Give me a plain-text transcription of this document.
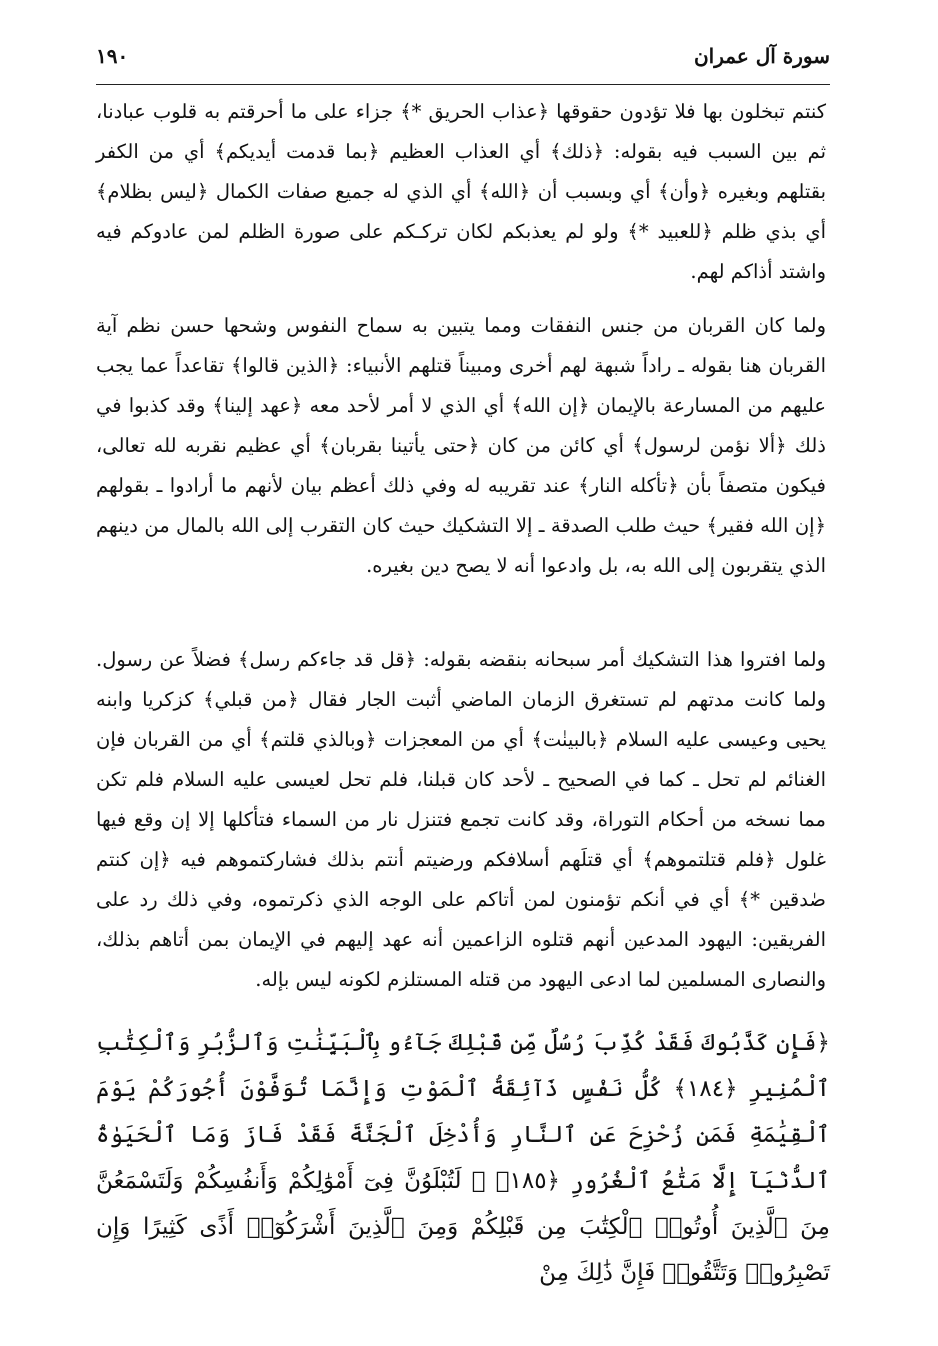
سورة آل عمران
١٩٠

كنتم تبخلون بها فلا تؤدون حقوقها ﴿عذاب الحريق *﴾ جزاء على ما أحرقتم به قلوب عبادنا، ثم بين السبب فيه بقوله: ﴿ذلك﴾ أي العذاب العظيم ﴿بما قدمت أيديكم﴾ أي من الكفر بقتلهم وبغيره ﴿وأن﴾ أي وبسبب أن ﴿الله﴾ أي الذي له جميع صفات الكمال ﴿ليس بظلام﴾ أي بذي ظلم ﴿للعبيد *﴾ ولو لم يعذبكم لكان تركـكم على صورة الظلم لمن عادوكم فيه واشتد أذاكم لهم.

ولما كان القربان من جنس النفقات ومما يتبين به سماح النفوس وشحها حسن نظم آية القربان هنا بقوله ـ راداً شبهة لهم أخرى ومبيناً قتلهم الأنبياء: ﴿الذين قالوا﴾ تقاعداً عما يجب عليهم من المسارعة بالإيمان ﴿إن الله﴾ أي الذي لا أمر لأحد معه ﴿عهد إلينا﴾ وقد كذبوا في ذلك ﴿ألا نؤمن لرسول﴾ أي كائن من كان ﴿حتى يأتينا بقربان﴾ أي عظيم نقربه لله تعالى، فيكون متصفاً بأن ﴿تأكله النار﴾ عند تقريبه له وفي ذلك أعظم بيان لأنهم ما أرادوا ـ بقولهم ﴿إن الله فقير﴾ حيث طلب الصدقة ـ إلا التشكيك حيث كان التقرب إلى الله بالمال من دينهم الذي يتقربون إلى الله به، بل وادعوا أنه لا يصح دين بغيره.

ولما افتروا هذا التشكيك أمر سبحانه بنقضه بقوله: ﴿قل قد جاءكم رسل﴾ فضلاً عن رسول. ولما كانت مدتهم لم تستغرق الزمان الماضي أثبت الجار فقال ﴿من قبلي﴾ كزكريا وابنه يحيى وعيسى عليه السلام ﴿بالبينٰت﴾ أي من المعجزات ﴿وبالذي قلتم﴾ أي من القربان فإن الغنائم لم تحل ـ كما في الصحيح ـ لأحد كان قبلنا، فلم تحل لعيسى عليه السلام فلم تكن مما نسخه من أحكام التوراة، وقد كانت تجمع فتنزل نار من السماء فتأكلها إلا إن وقع فيها غلول ﴿فلم قتلتموهم﴾ أي قتلَهم أسلافكم ورضيتم أنتم بذلك فشاركتموهم فيه ﴿إن كنتم صٰدقين *﴾ أي في أنكم تؤمنون لمن أتاكم على الوجه الذي ذكرتموه، وفي ذلك رد على الفريقين: اليهود المدعين أنهم قتلوه الزاعمين أنه عهد إليهم في الإيمان بمن أتاهم بذلك، والنصارى المسلمين لما ادعى اليهود من قتله المستلزم لكونه ليس بإله.

﴿فَإِن كَذَّبُوكَ فَقَدْ كُذِّبَ رُسُلٌ مِّن قَبْلِكَ جَآءُو بِٱلْبَيِّنَٰتِ وَٱلزُّبُرِ وَٱلْكِتَٰبِ ٱلْمُنِيرِ ﴿١٨٤﴾ كُلُّ نَفْسٍ ذَآئِقَةُ ٱلْمَوْتِ وَإِنَّمَا تُوَفَّوْنَ أُجُورَكُمْ يَوْمَ ٱلْقِيَٰمَةِ فَمَن زُحْزِحَ عَنِ ٱلنَّارِ وَأُدْخِلَ ٱلْجَنَّةَ فَقَدْ فَازَ وَمَا ٱلْحَيَوٰةُ ٱلدُّنْيَآ إِلَّا مَتَٰعُ ٱلْغُرُورِ ﴿١٨٥﴾ ۞ لَتُبْلَوُنَّ فِىٓ أَمْوَٰلِكُمْ وَأَنفُسِكُمْ وَلَتَسْمَعُنَّ مِنَ ٱلَّذِينَ أُوتُوا۟ ٱلْكِتَٰبَ مِن قَبْلِكُمْ وَمِنَ ٱلَّذِينَ أَشْرَكُوٓا۟ أَذًى كَثِيرًا وَإِن تَصْبِرُوا۟ وَتَتَّقُوا۟ فَإِنَّ ذَٰلِكَ مِنْ
